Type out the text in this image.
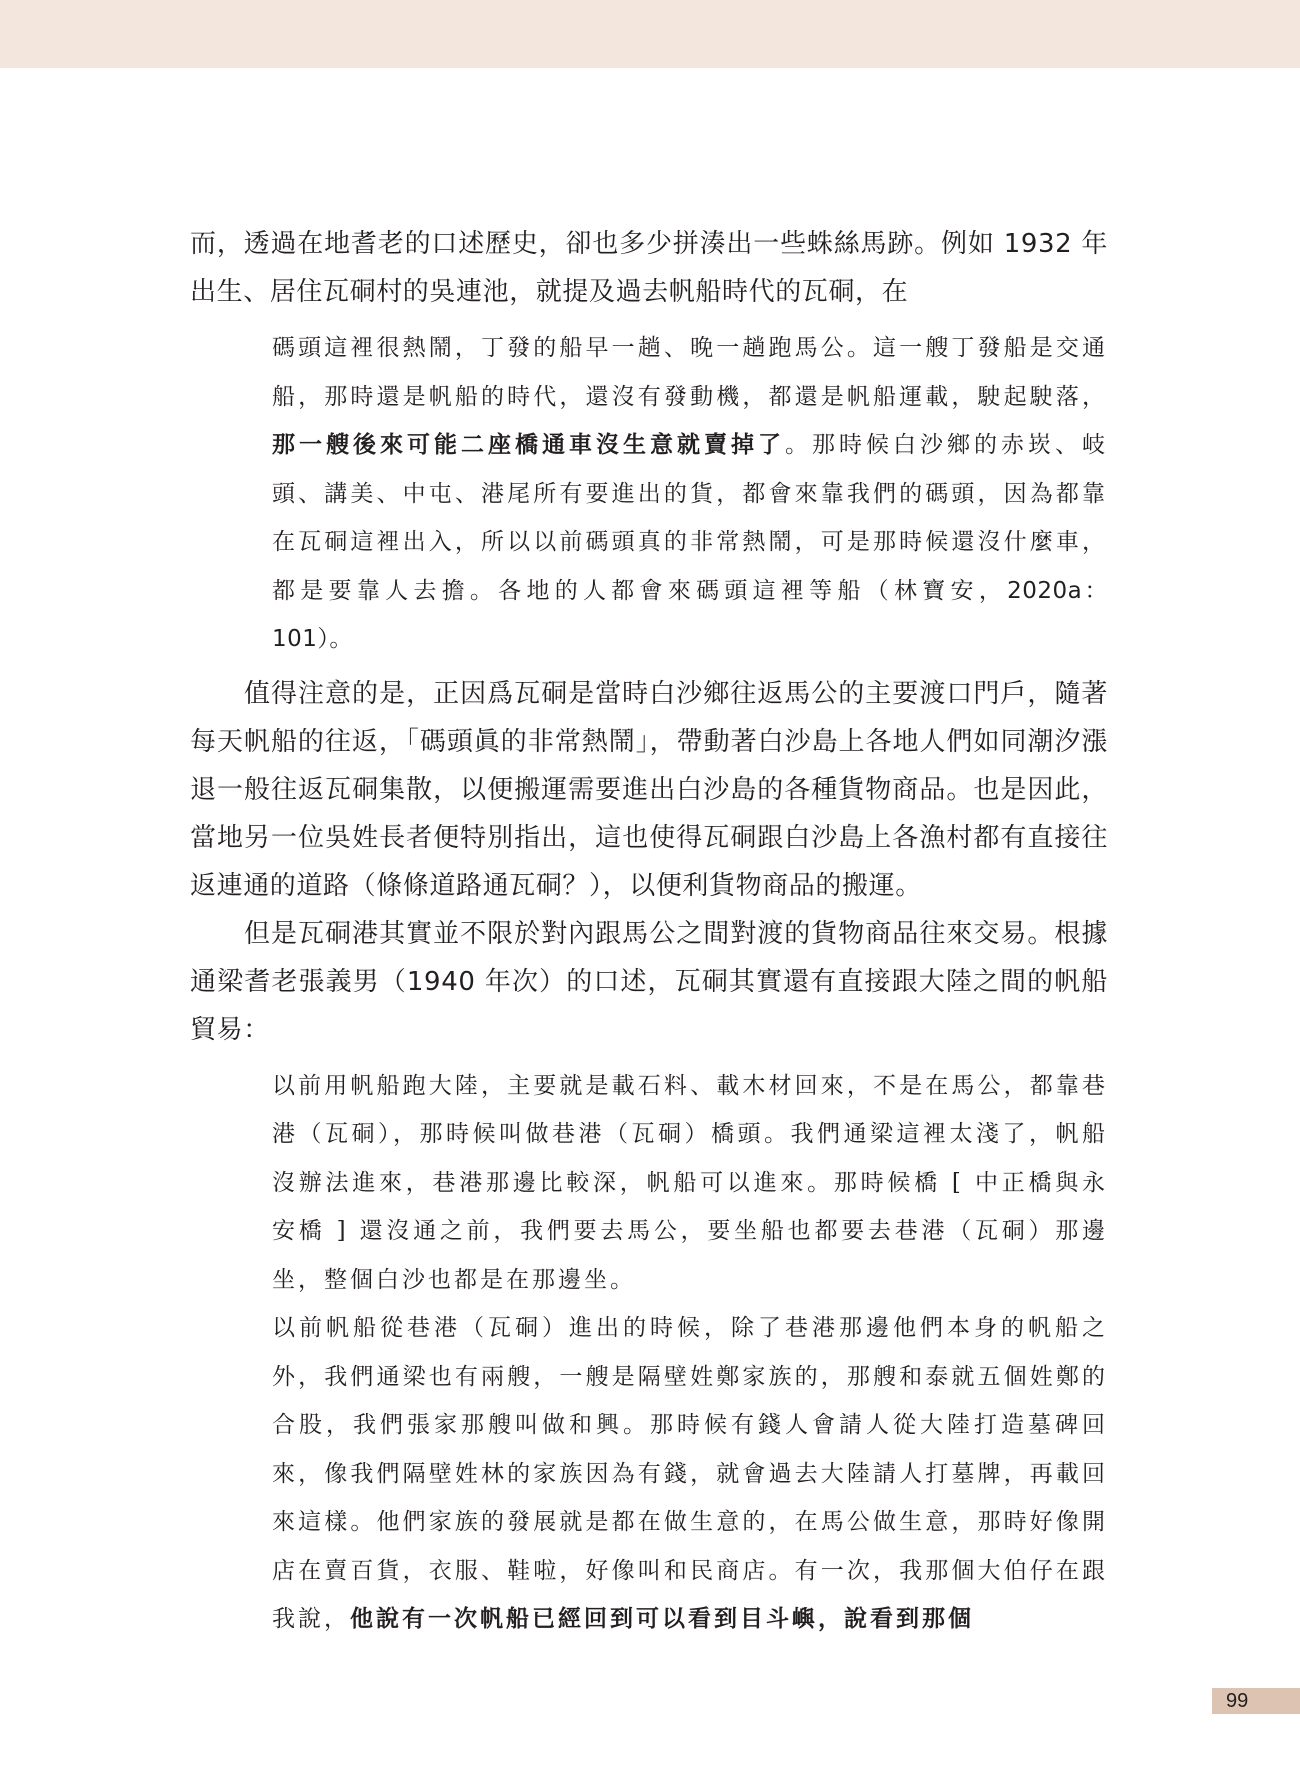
而，透過在地耆老的口述歷史，卻也多少拼湊出一些蛛絲馬跡。例如 1932 年出生、居住瓦硐村的吳連池，就提及過去帆船時代的瓦硐，在

碼頭這裡很熱鬧，丁發的船早一趟、晚一趟跑馬公。這一艘丁發船是交通船，那時還是帆船的時代，還沒有發動機，都還是帆船運載，駛起駛落，那一艘後來可能二座橋通車沒生意就賣掉了。那時候白沙鄉的赤崁、岐頭、講美、中屯、港尾所有要進出的貨，都會來靠我們的碼頭，因為都靠在瓦硐這裡出入，所以以前碼頭真的非常熱鬧，可是那時候還沒什麼車，都是要靠人去擔。各地的人都會來碼頭這裡等船（林寶安，2020a：101）。

值得注意的是，正因爲瓦硐是當時白沙鄉往返馬公的主要渡口門戶，隨著每天帆船的往返，「碼頭眞的非常熱鬧」，帶動著白沙島上各地人們如同潮汐漲退一般往返瓦硐集散，以便搬運需要進出白沙島的各種貨物商品。也是因此，當地另一位吳姓長者便特別指出，這也使得瓦硐跟白沙島上各漁村都有直接往返連通的道路（條條道路通瓦硐？），以便利貨物商品的搬運。

但是瓦硐港其實並不限於對內跟馬公之間對渡的貨物商品往來交易。根據通梁耆老張義男（1940 年次）的口述，瓦硐其實還有直接跟大陸之間的帆船貿易：

以前用帆船跑大陸，主要就是載石料、載木材回來，不是在馬公，都靠巷港（瓦硐），那時候叫做巷港（瓦硐）橋頭。我們通梁這裡太淺了，帆船沒辦法進來，巷港那邊比較深，帆船可以進來。那時候橋 [ 中正橋與永安橋 ] 還沒通之前，我們要去馬公，要坐船也都要去巷港（瓦硐）那邊坐，整個白沙也都是在那邊坐。

以前帆船從巷港（瓦硐）進出的時候，除了巷港那邊他們本身的帆船之外，我們通梁也有兩艘，一艘是隔壁姓鄭家族的，那艘和泰就五個姓鄭的合股，我們張家那艘叫做和興。那時候有錢人會請人從大陸打造墓碑回來，像我們隔壁姓林的家族因為有錢，就會過去大陸請人打墓牌，再載回來這樣。他們家族的發展就是都在做生意的，在馬公做生意，那時好像開店在賣百貨，衣服、鞋啦，好像叫和民商店。有一次，我那個大伯仔在跟我說，他說有一次帆船已經回到可以看到目斗嶼，說看到那個

99
